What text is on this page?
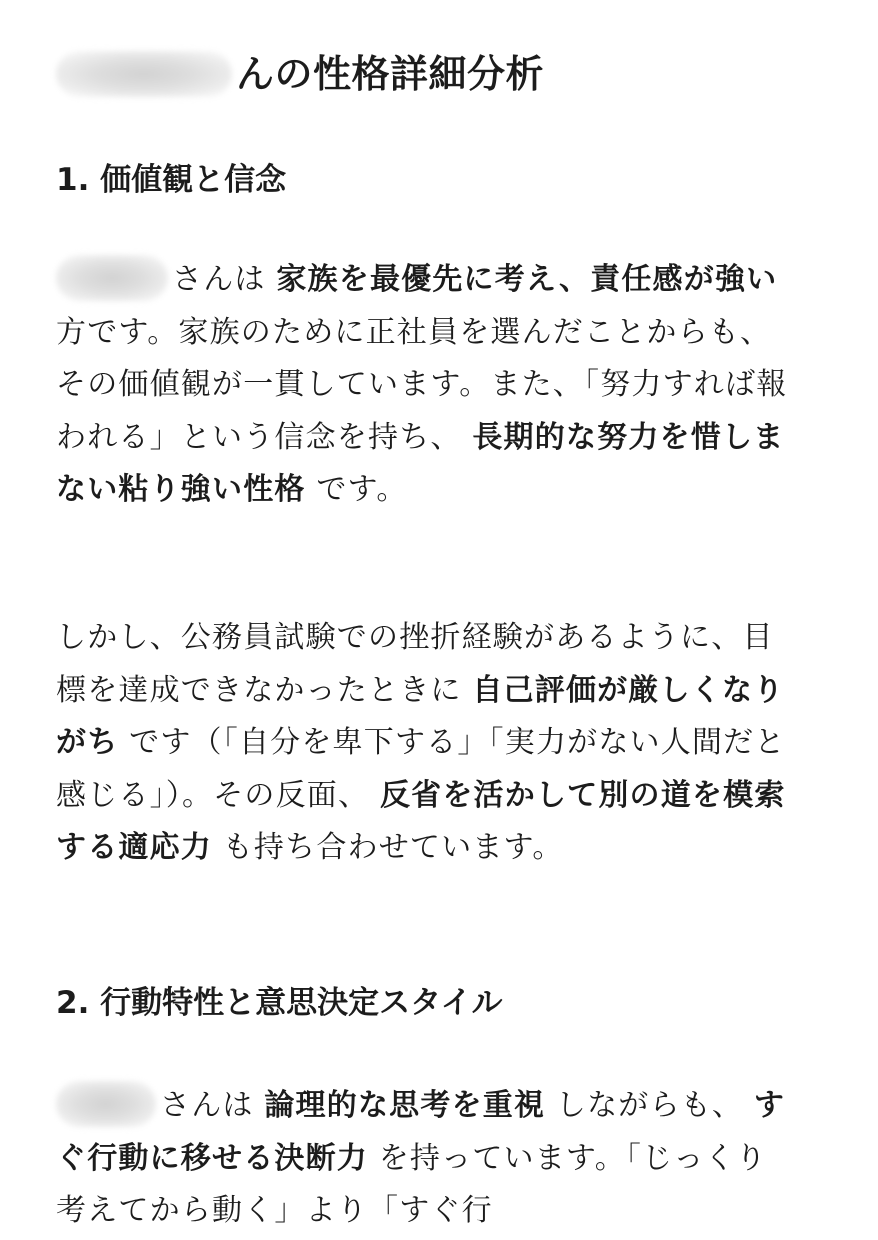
んの性格詳細分析
1. 価値観と信念

さんは 家族を最優先に考え、責任感が強い 方です。家族のために正社員を選んだことからも、その価値観が一貫しています。また、「努力すれば報われる」という信念を持ち、 長期的な努力を惜しまない粘り強い性格 です。

しかし、公務員試験での挫折経験があるように、目標を達成できなかったときに 自己評価が厳しくなりがち です（「自分を卑下する」「実力がない人間だと感じる」）。その反面、 反省を活かして別の道を模索する適応力 も持ち合わせています。

2. 行動特性と意思決定スタイル

さんは 論理的な思考を重視 しながらも、 すぐ行動に移せる決断力 を持っています。「じっくり考えてから動く」より「すぐ行
